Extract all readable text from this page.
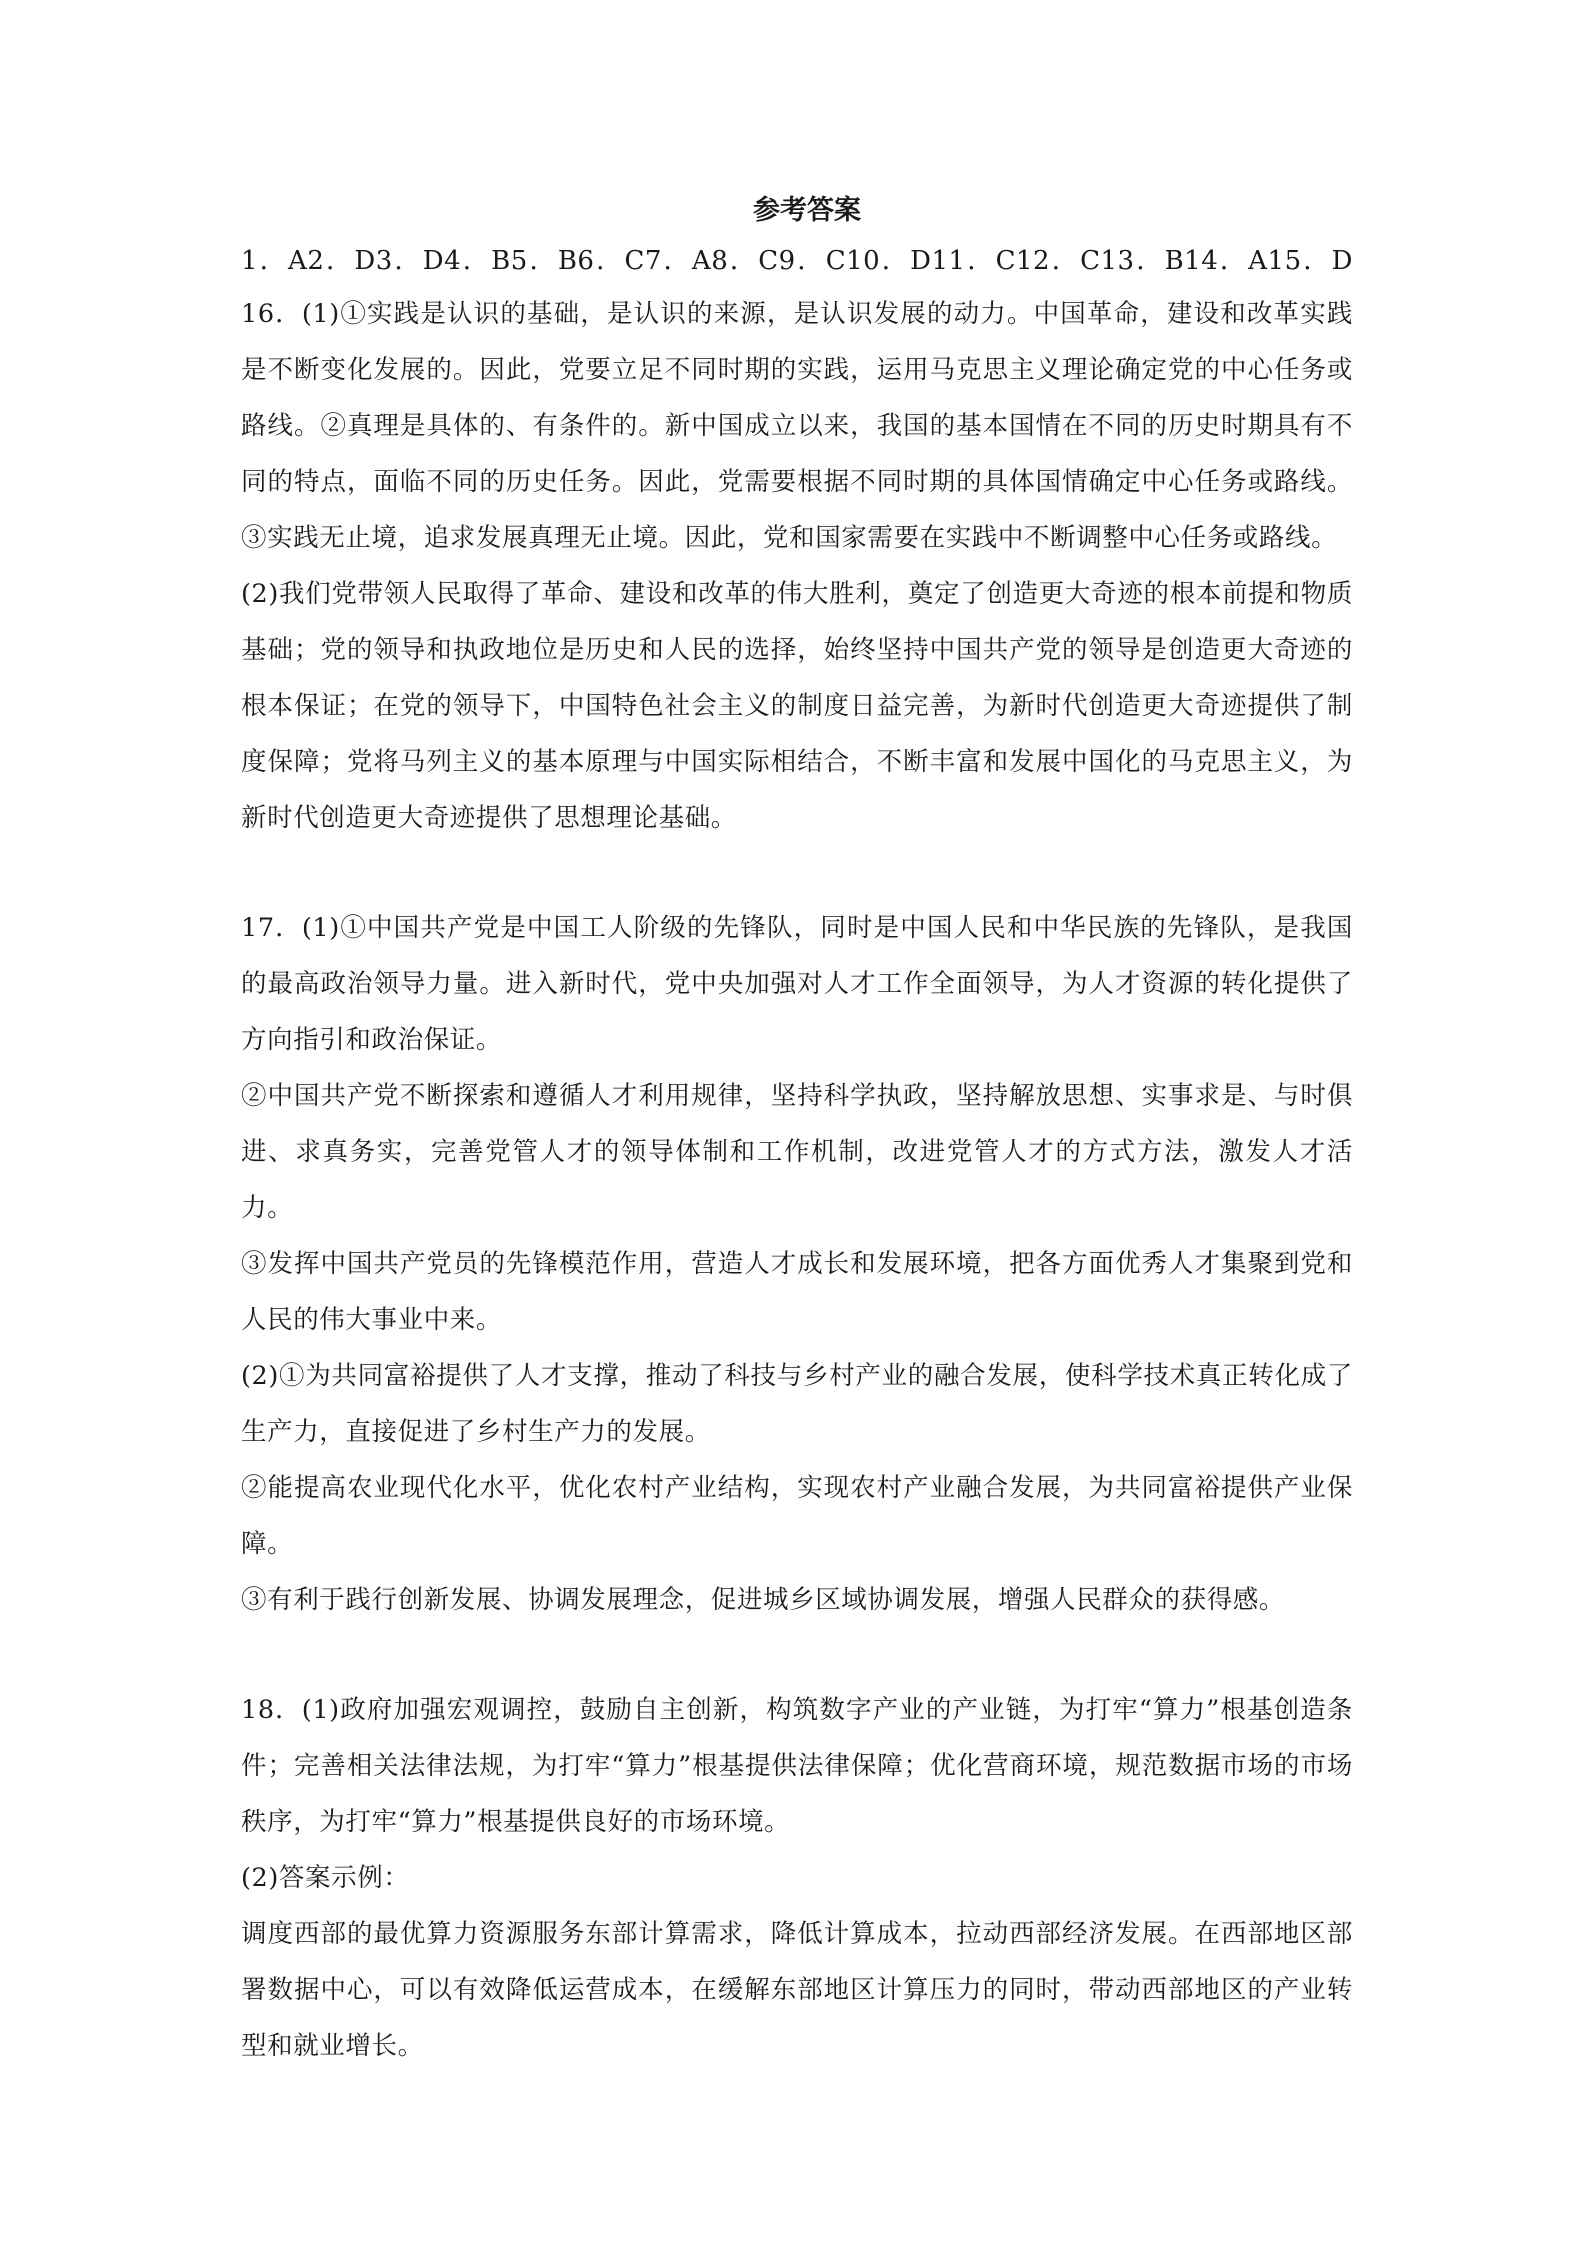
参考答案
1．A2．D3．D4．B5．B6．C7．A8．C9．C10．D11．C12．C13．B14．A15．D

16．(1)①实践是认识的基础，是认识的来源，是认识发展的动力。中国革命，建设和改革实践是不断变化发展的。因此，党要立足不同时期的实践，运用马克思主义理论确定党的中心任务或路线。②真理是具体的、有条件的。新中国成立以来，我国的基本国情在不同的历史时期具有不同的特点，面临不同的历史任务。因此，党需要根据不同时期的具体国情确定中心任务或路线。③实践无止境，追求发展真理无止境。因此，党和国家需要在实践中不断调整中心任务或路线。

(2)我们党带领人民取得了革命、建设和改革的伟大胜利，奠定了创造更大奇迹的根本前提和物质基础；党的领导和执政地位是历史和人民的选择，始终坚持中国共产党的领导是创造更大奇迹的根本保证；在党的领导下，中国特色社会主义的制度日益完善，为新时代创造更大奇迹提供了制度保障；党将马列主义的基本原理与中国实际相结合，不断丰富和发展中国化的马克思主义，为新时代创造更大奇迹提供了思想理论基础。

17．(1)①中国共产党是中国工人阶级的先锋队，同时是中国人民和中华民族的先锋队，是我国的最高政治领导力量。进入新时代，党中央加强对人才工作全面领导，为人才资源的转化提供了方向指引和政治保证。

②中国共产党不断探索和遵循人才利用规律，坚持科学执政，坚持解放思想、实事求是、与时俱进、求真务实，完善党管人才的领导体制和工作机制，改进党管人才的方式方法，激发人才活力。

③发挥中国共产党员的先锋模范作用，营造人才成长和发展环境，把各方面优秀人才集聚到党和人民的伟大事业中来。

(2)①为共同富裕提供了人才支撑，推动了科技与乡村产业的融合发展，使科学技术真正转化成了生产力，直接促进了乡村生产力的发展。

②能提高农业现代化水平，优化农村产业结构，实现农村产业融合发展，为共同富裕提供产业保障。

③有利于践行创新发展、协调发展理念，促进城乡区域协调发展，增强人民群众的获得感。

18．(1)政府加强宏观调控，鼓励自主创新，构筑数字产业的产业链，为打牢“算力”根基创造条件；完善相关法律法规，为打牢“算力”根基提供法律保障；优化营商环境，规范数据市场的市场秩序，为打牢“算力”根基提供良好的市场环境。

(2)答案示例：

调度西部的最优算力资源服务东部计算需求，降低计算成本，拉动西部经济发展。在西部地区部署数据中心，可以有效降低运营成本，在缓解东部地区计算压力的同时，带动西部地区的产业转型和就业增长。
